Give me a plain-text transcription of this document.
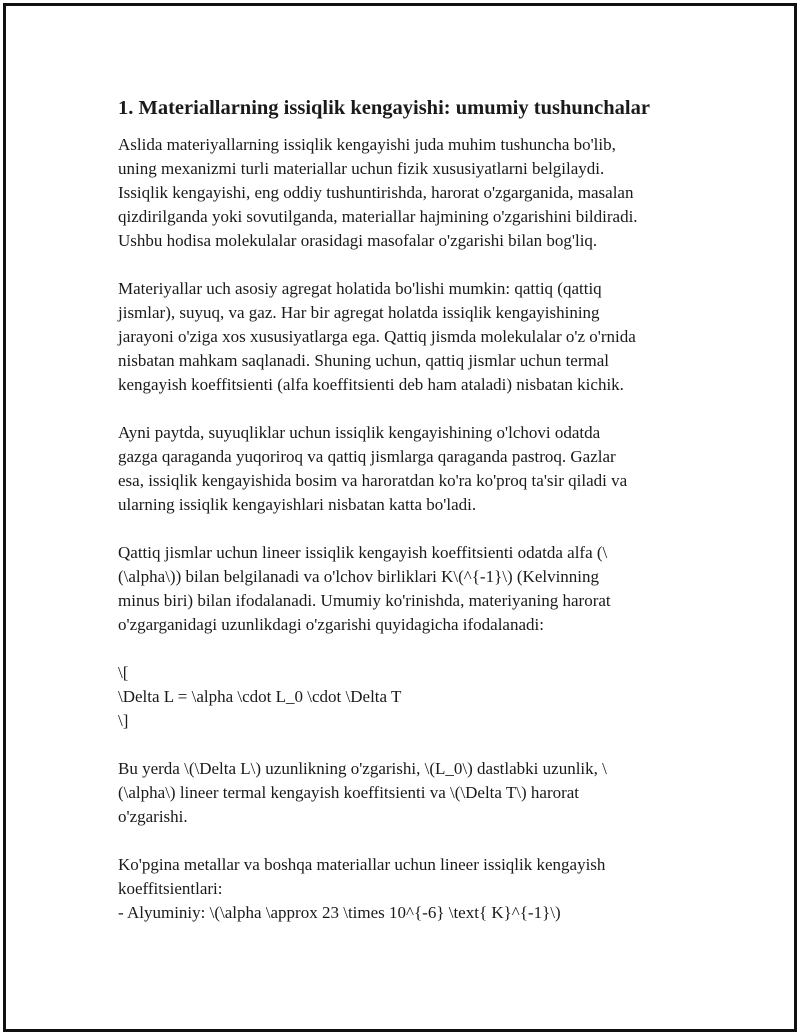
1. Materiallarning issiqlik kengayishi: umumiy tushunchalar

Aslida materiyallarning issiqlik kengayishi juda muhim tushuncha bo'lib,
uning mexanizmi turli materiallar uchun fizik xususiyatlarni belgilaydi.
Issiqlik kengayishi, eng oddiy tushuntirishda, harorat o'zgarganida, masalan
qizdirilganda yoki sovutilganda, materiallar hajmining o'zgarishini bildiradi.
Ushbu hodisa molekulalar orasidagi masofalar o'zgarishi bilan bog'liq.

Materiyallar uch asosiy agregat holatida bo'lishi mumkin: qattiq (qattiq
jismlar), suyuq, va gaz. Har bir agregat holatda issiqlik kengayishining
jarayoni o'ziga xos xususiyatlarga ega. Qattiq jismda molekulalar o'z o'rnida
nisbatan mahkam saqlanadi. Shuning uchun, qattiq jismlar uchun termal
kengayish koeffitsienti (alfa koeffitsienti deb ham ataladi) nisbatan kichik.

Ayni paytda, suyuqliklar uchun issiqlik kengayishining o'lchovi odatda
gazga qaraganda yuqoriroq va qattiq jismlarga qaraganda pastroq. Gazlar
esa, issiqlik kengayishida bosim va haroratdan ko'ra ko'proq ta'sir qiladi va
ularning issiqlik kengayishlari nisbatan katta bo'ladi.

Qattiq jismlar uchun lineer issiqlik kengayish koeffitsienti odatda alfa (\
(\alpha\)) bilan belgilanadi va o'lchov birliklari K\(^{-1}\) (Kelvinning
minus biri) bilan ifodalanadi. Umumiy ko'rinishda, materiyaning harorat
o'zgarganidagi uzunlikdagi o'zgarishi quyidagicha ifodalanadi:

\[
\Delta L = \alpha \cdot L_0 \cdot \Delta T
\]

Bu yerda \(\Delta L\) uzunlikning o'zgarishi, \(L_0\) dastlabki uzunlik, \
(\alpha\) lineer termal kengayish koeffitsienti va \(\Delta T\) harorat
o'zgarishi.

Ko'pgina metallar va boshqa materiallar uchun lineer issiqlik kengayish
koeffitsientlari:
- Alyuminiy: \(\alpha \approx 23 \times 10^{-6} \text{ K}^{-1}\)
